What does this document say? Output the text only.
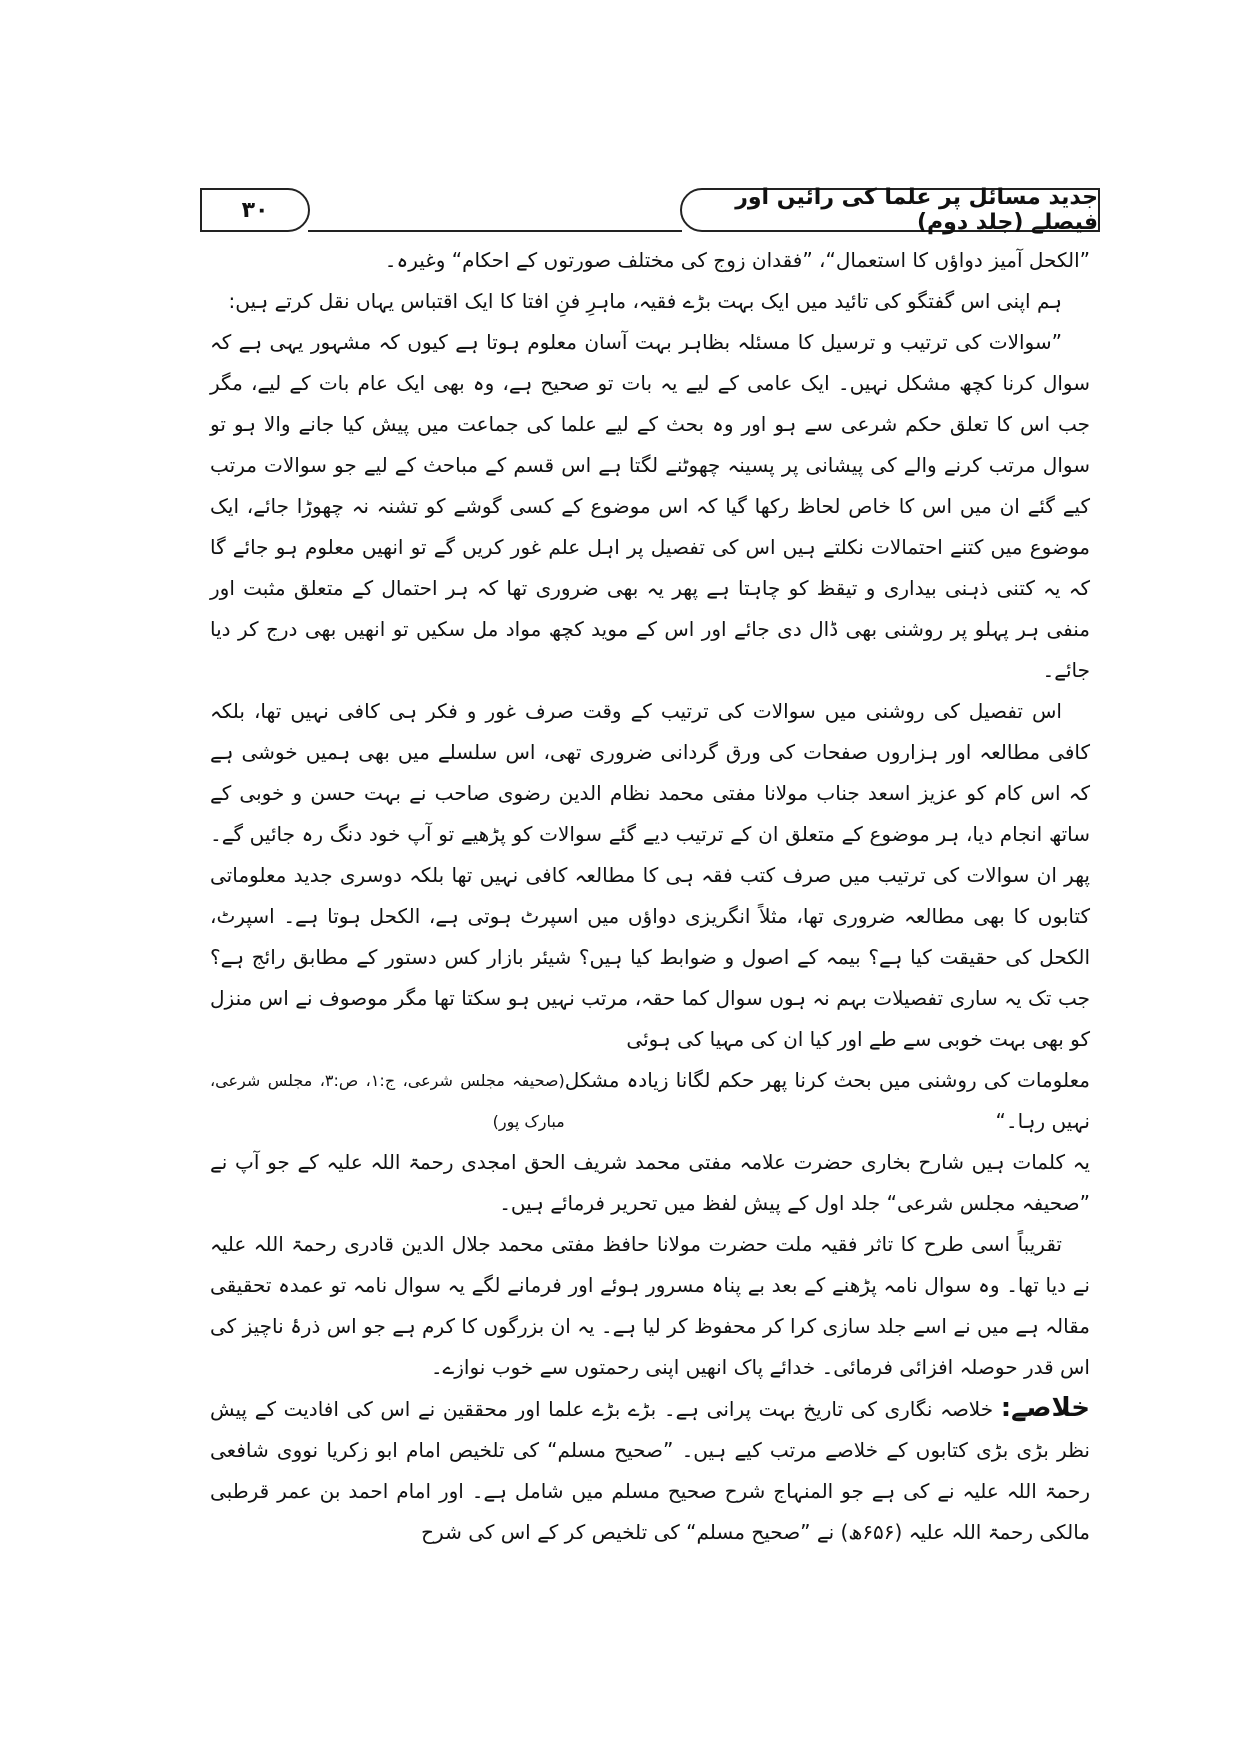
جدید مسائل پر علما کی رائیں اور فیصلے (جلد دوم)
۳۰

”الکحل آمیز دواؤں کا استعمال“، ”فقدان زوج کی مختلف صورتوں کے احکام“ وغیرہ۔

ہم اپنی اس گفتگو کی تائید میں ایک بہت بڑے فقیہ، ماہرِ فنِ افتا کا ایک اقتباس یہاں نقل کرتے ہیں:

”سوالات کی ترتیب و ترسیل کا مسئلہ بظاہر بہت آسان معلوم ہوتا ہے کیوں کہ مشہور یہی ہے کہ سوال کرنا کچھ مشکل نہیں۔ ایک عامی کے لیے یہ بات تو صحیح ہے، وہ بھی ایک عام بات کے لیے، مگر جب اس کا تعلق حکم شرعی سے ہو اور وہ بحث کے لیے علما کی جماعت میں پیش کیا جانے والا ہو تو سوال مرتب کرنے والے کی پیشانی پر پسینہ چھوٹنے لگتا ہے اس قسم کے مباحث کے لیے جو سوالات مرتب کیے گئے ان میں اس کا خاص لحاظ رکھا گیا کہ اس موضوع کے کسی گوشے کو تشنہ نہ چھوڑا جائے، ایک موضوع میں کتنے احتمالات نکلتے ہیں اس کی تفصیل پر اہل علم غور کریں گے تو انھیں معلوم ہو جائے گا کہ یہ کتنی ذہنی بیداری و تیقظ کو چاہتا ہے پھر یہ بھی ضروری تھا کہ ہر احتمال کے متعلق مثبت اور منفی ہر پہلو پر روشنی بھی ڈال دی جائے اور اس کے موید کچھ مواد مل سکیں تو انھیں بھی درج کر دیا جائے۔

اس تفصیل کی روشنی میں سوالات کی ترتیب کے وقت صرف غور و فکر ہی کافی نہیں تھا، بلکہ کافی مطالعہ اور ہزاروں صفحات کی ورق گردانی ضروری تھی، اس سلسلے میں بھی ہمیں خوشی ہے کہ اس کام کو عزیز اسعد جناب مولانا مفتی محمد نظام الدین رضوی صاحب نے بہت حسن و خوبی کے ساتھ انجام دیا، ہر موضوع کے متعلق ان کے ترتیب دیے گئے سوالات کو پڑھیے تو آپ خود دنگ رہ جائیں گے۔ پھر ان سوالات کی ترتیب میں صرف کتب فقہ ہی کا مطالعہ کافی نہیں تھا بلکہ دوسری جدید معلوماتی کتابوں کا بھی مطالعہ ضروری تھا، مثلاً انگریزی دواؤں میں اسپرٹ ہوتی ہے، الکحل ہوتا ہے۔ اسپرٹ، الکحل کی حقیقت کیا ہے؟ بیمہ کے اصول و ضوابط کیا ہیں؟ شیئر بازار کس دستور کے مطابق رائج ہے؟ جب تک یہ ساری تفصیلات بہم نہ ہوں سوال کما حقہ، مرتب نہیں ہو سکتا تھا مگر موصوف نے اس منزل کو بھی بہت خوبی سے طے اور کیا ان کی مہیا کی ہوئی

معلومات کی روشنی میں بحث کرنا پھر حکم لگانا زیادہ مشکل نہیں رہا۔“
(صحیفہ مجلس شرعی، ج:۱، ص:۳، مجلس شرعی، مبارک پور)

یہ کلمات ہیں شارح بخاری حضرت علامہ مفتی محمد شریف الحق امجدی رحمۃ اللہ علیہ کے جو آپ نے ”صحیفہ مجلس شرعی“ جلد اول کے پیش لفظ میں تحریر فرمائے ہیں۔

تقریباً اسی طرح کا تاثر فقیہ ملت حضرت مولانا حافظ مفتی محمد جلال الدین قادری رحمۃ اللہ علیہ نے دیا تھا۔ وہ سوال نامہ پڑھنے کے بعد بے پناہ مسرور ہوئے اور فرمانے لگے یہ سوال نامہ تو عمدہ تحقیقی مقالہ ہے میں نے اسے جلد سازی کرا کر محفوظ کر لیا ہے۔ یہ ان بزرگوں کا کرم ہے جو اس ذرۂ ناچیز کی اس قدر حوصلہ افزائی فرمائی۔ خدائے پاک انھیں اپنی رحمتوں سے خوب نوازے۔

خلاصے: خلاصہ نگاری کی تاریخ بہت پرانی ہے۔ بڑے بڑے علما اور محققین نے اس کی افادیت کے پیش نظر بڑی بڑی کتابوں کے خلاصے مرتب کیے ہیں۔ ”صحیح مسلم“ کی تلخیص امام ابو زکریا نووی شافعی رحمۃ اللہ علیہ نے کی ہے جو المنہاج شرح صحیح مسلم میں شامل ہے۔ اور امام احمد بن عمر قرطبی مالکی رحمۃ اللہ علیہ (۶۵۶ھ) نے ”صحیح مسلم“ کی تلخیص کر کے اس کی شرح
